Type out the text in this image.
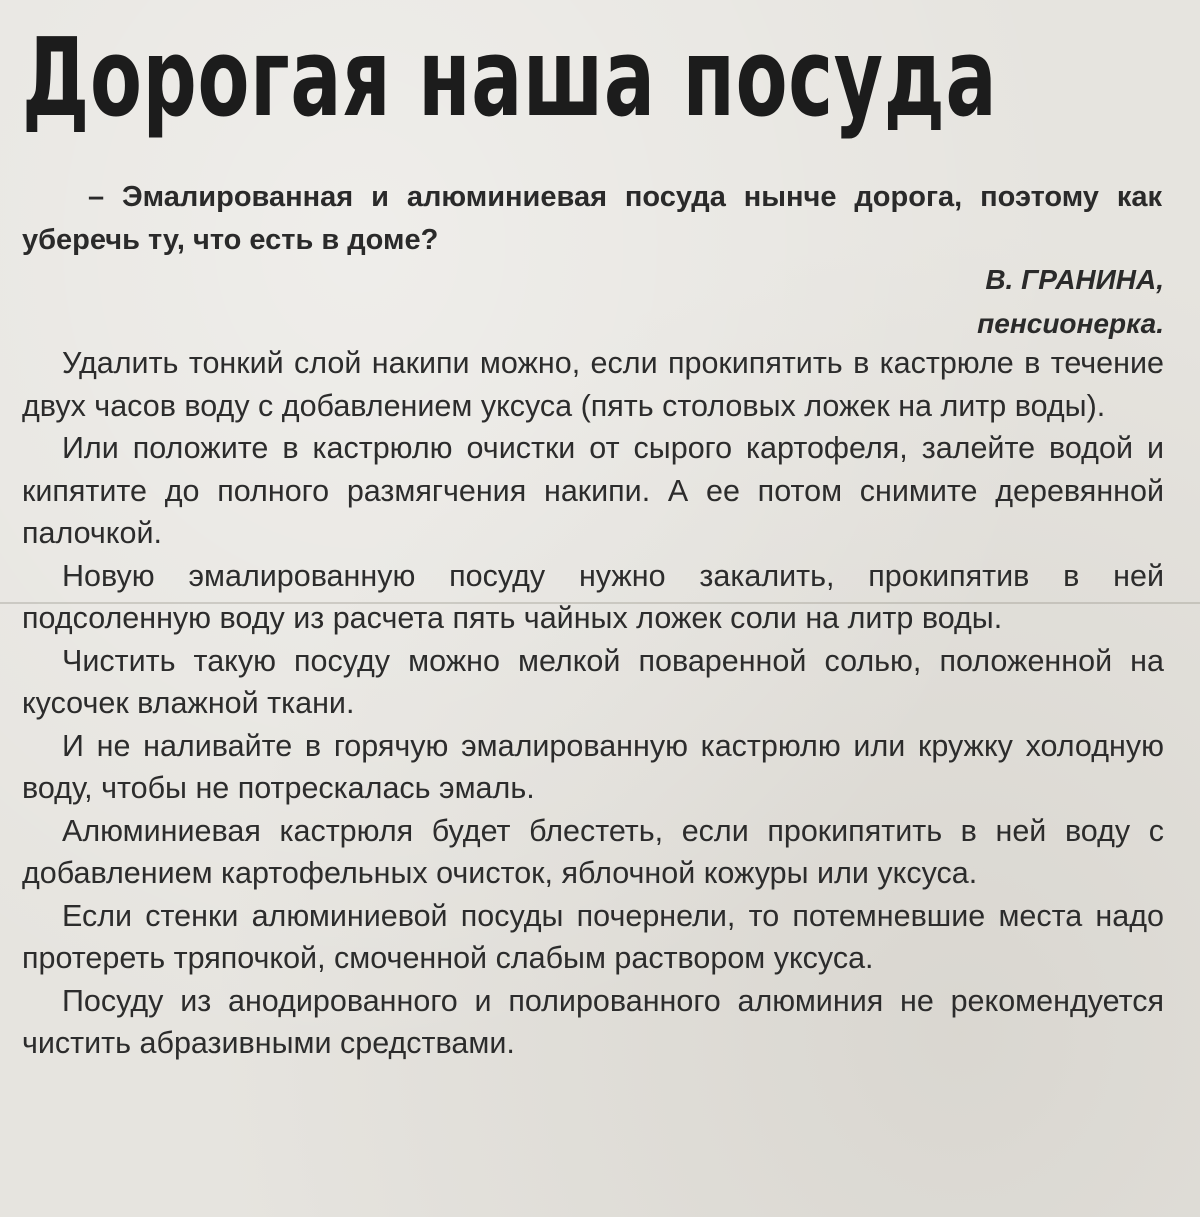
Дорогая наша посуда

– Эмалированная и алюминиевая посуда нынче дорога, поэтому как уберечь ту, что есть в доме?

В. ГРАНИНА,
пенсионерка.

Удалить тонкий слой накипи можно, если прокипятить в кастрюле в течение двух часов воду с добавлением уксуса (пять столовых ложек на литр воды).

Или положите в кастрюлю очистки от сырого картофеля, залейте водой и кипятите до полного размягчения накипи. А ее потом снимите деревянной палочкой.

Новую эмалированную посуду нужно закалить, прокипятив в ней подсоленную воду из расчета пять чайных ложек соли на литр воды.

Чистить такую посуду можно мелкой поваренной солью, положенной на кусочек влажной ткани.

И не наливайте в горячую эмалированную кастрюлю или кружку холодную воду, чтобы не потрескалась эмаль.

Алюминиевая кастрюля будет блестеть, если прокипятить в ней воду с добавлением картофельных очисток, яблочной кожуры или уксуса.

Если стенки алюминиевой посуды почернели, то потемневшие места надо протереть тряпочкой, смоченной слабым раствором уксуса.

Посуду из анодированного и полированного алюминия не рекомендуется чистить абразивными средствами.
